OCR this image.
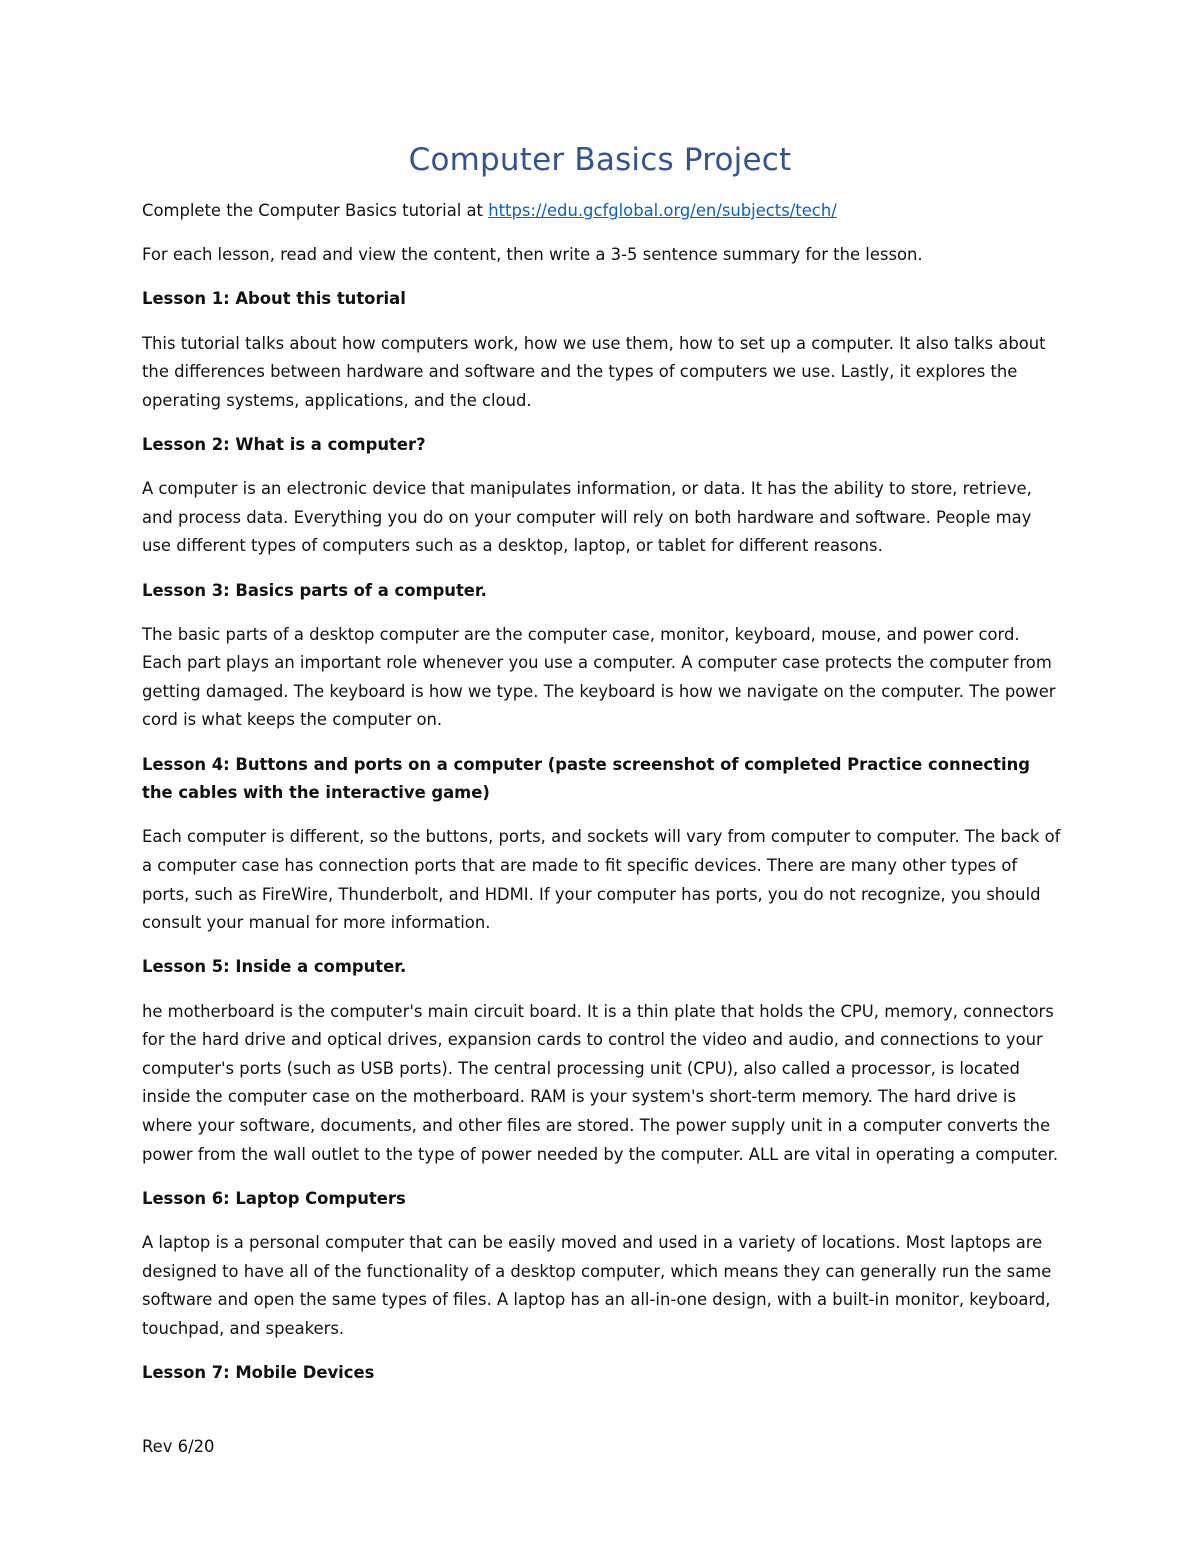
Computer Basics Project

Complete the Computer Basics tutorial at https://edu.gcfglobal.org/en/subjects/tech/

For each lesson, read and view the content, then write a 3-5 sentence summary for the lesson.

Lesson 1: About this tutorial

This tutorial talks about how computers work, how we use them, how to set up a computer. It also talks about the differences between hardware and software and the types of computers we use. Lastly, it explores the operating systems, applications, and the cloud.

Lesson 2: What is a computer?

A computer is an electronic device that manipulates information, or data. It has the ability to store, retrieve, and process data. Everything you do on your computer will rely on both hardware and software. People may use different types of computers such as a desktop, laptop, or tablet for different reasons.

Lesson 3: Basics parts of a computer.

The basic parts of a desktop computer are the computer case, monitor, keyboard, mouse, and power cord. Each part plays an important role whenever you use a computer. A computer case protects the computer from getting damaged. The keyboard is how we type. The keyboard is how we navigate on the computer. The power cord is what keeps the computer on.

Lesson 4: Buttons and ports on a computer (paste screenshot of completed Practice connecting the cables with the interactive game)

Each computer is different, so the buttons, ports, and sockets will vary from computer to computer. The back of a computer case has connection ports that are made to fit specific devices. There are many other types of ports, such as FireWire, Thunderbolt, and HDMI. If your computer has ports, you do not recognize, you should consult your manual for more information.

Lesson 5: Inside a computer.

he motherboard is the computer's main circuit board. It is a thin plate that holds the CPU, memory, connectors for the hard drive and optical drives, expansion cards to control the video and audio, and connections to your computer's ports (such as USB ports). The central processing unit (CPU), also called a processor, is located inside the computer case on the motherboard. RAM is your system's short-term memory. The hard drive is where your software, documents, and other files are stored. The power supply unit in a computer converts the power from the wall outlet to the type of power needed by the computer. ALL are vital in operating a computer.

Lesson 6: Laptop Computers

A laptop is a personal computer that can be easily moved and used in a variety of locations. Most laptops are designed to have all of the functionality of a desktop computer, which means they can generally run the same software and open the same types of files. A laptop has an all-in-one design, with a built-in monitor, keyboard, touchpad, and speakers.

Lesson 7: Mobile Devices

Rev 6/20
